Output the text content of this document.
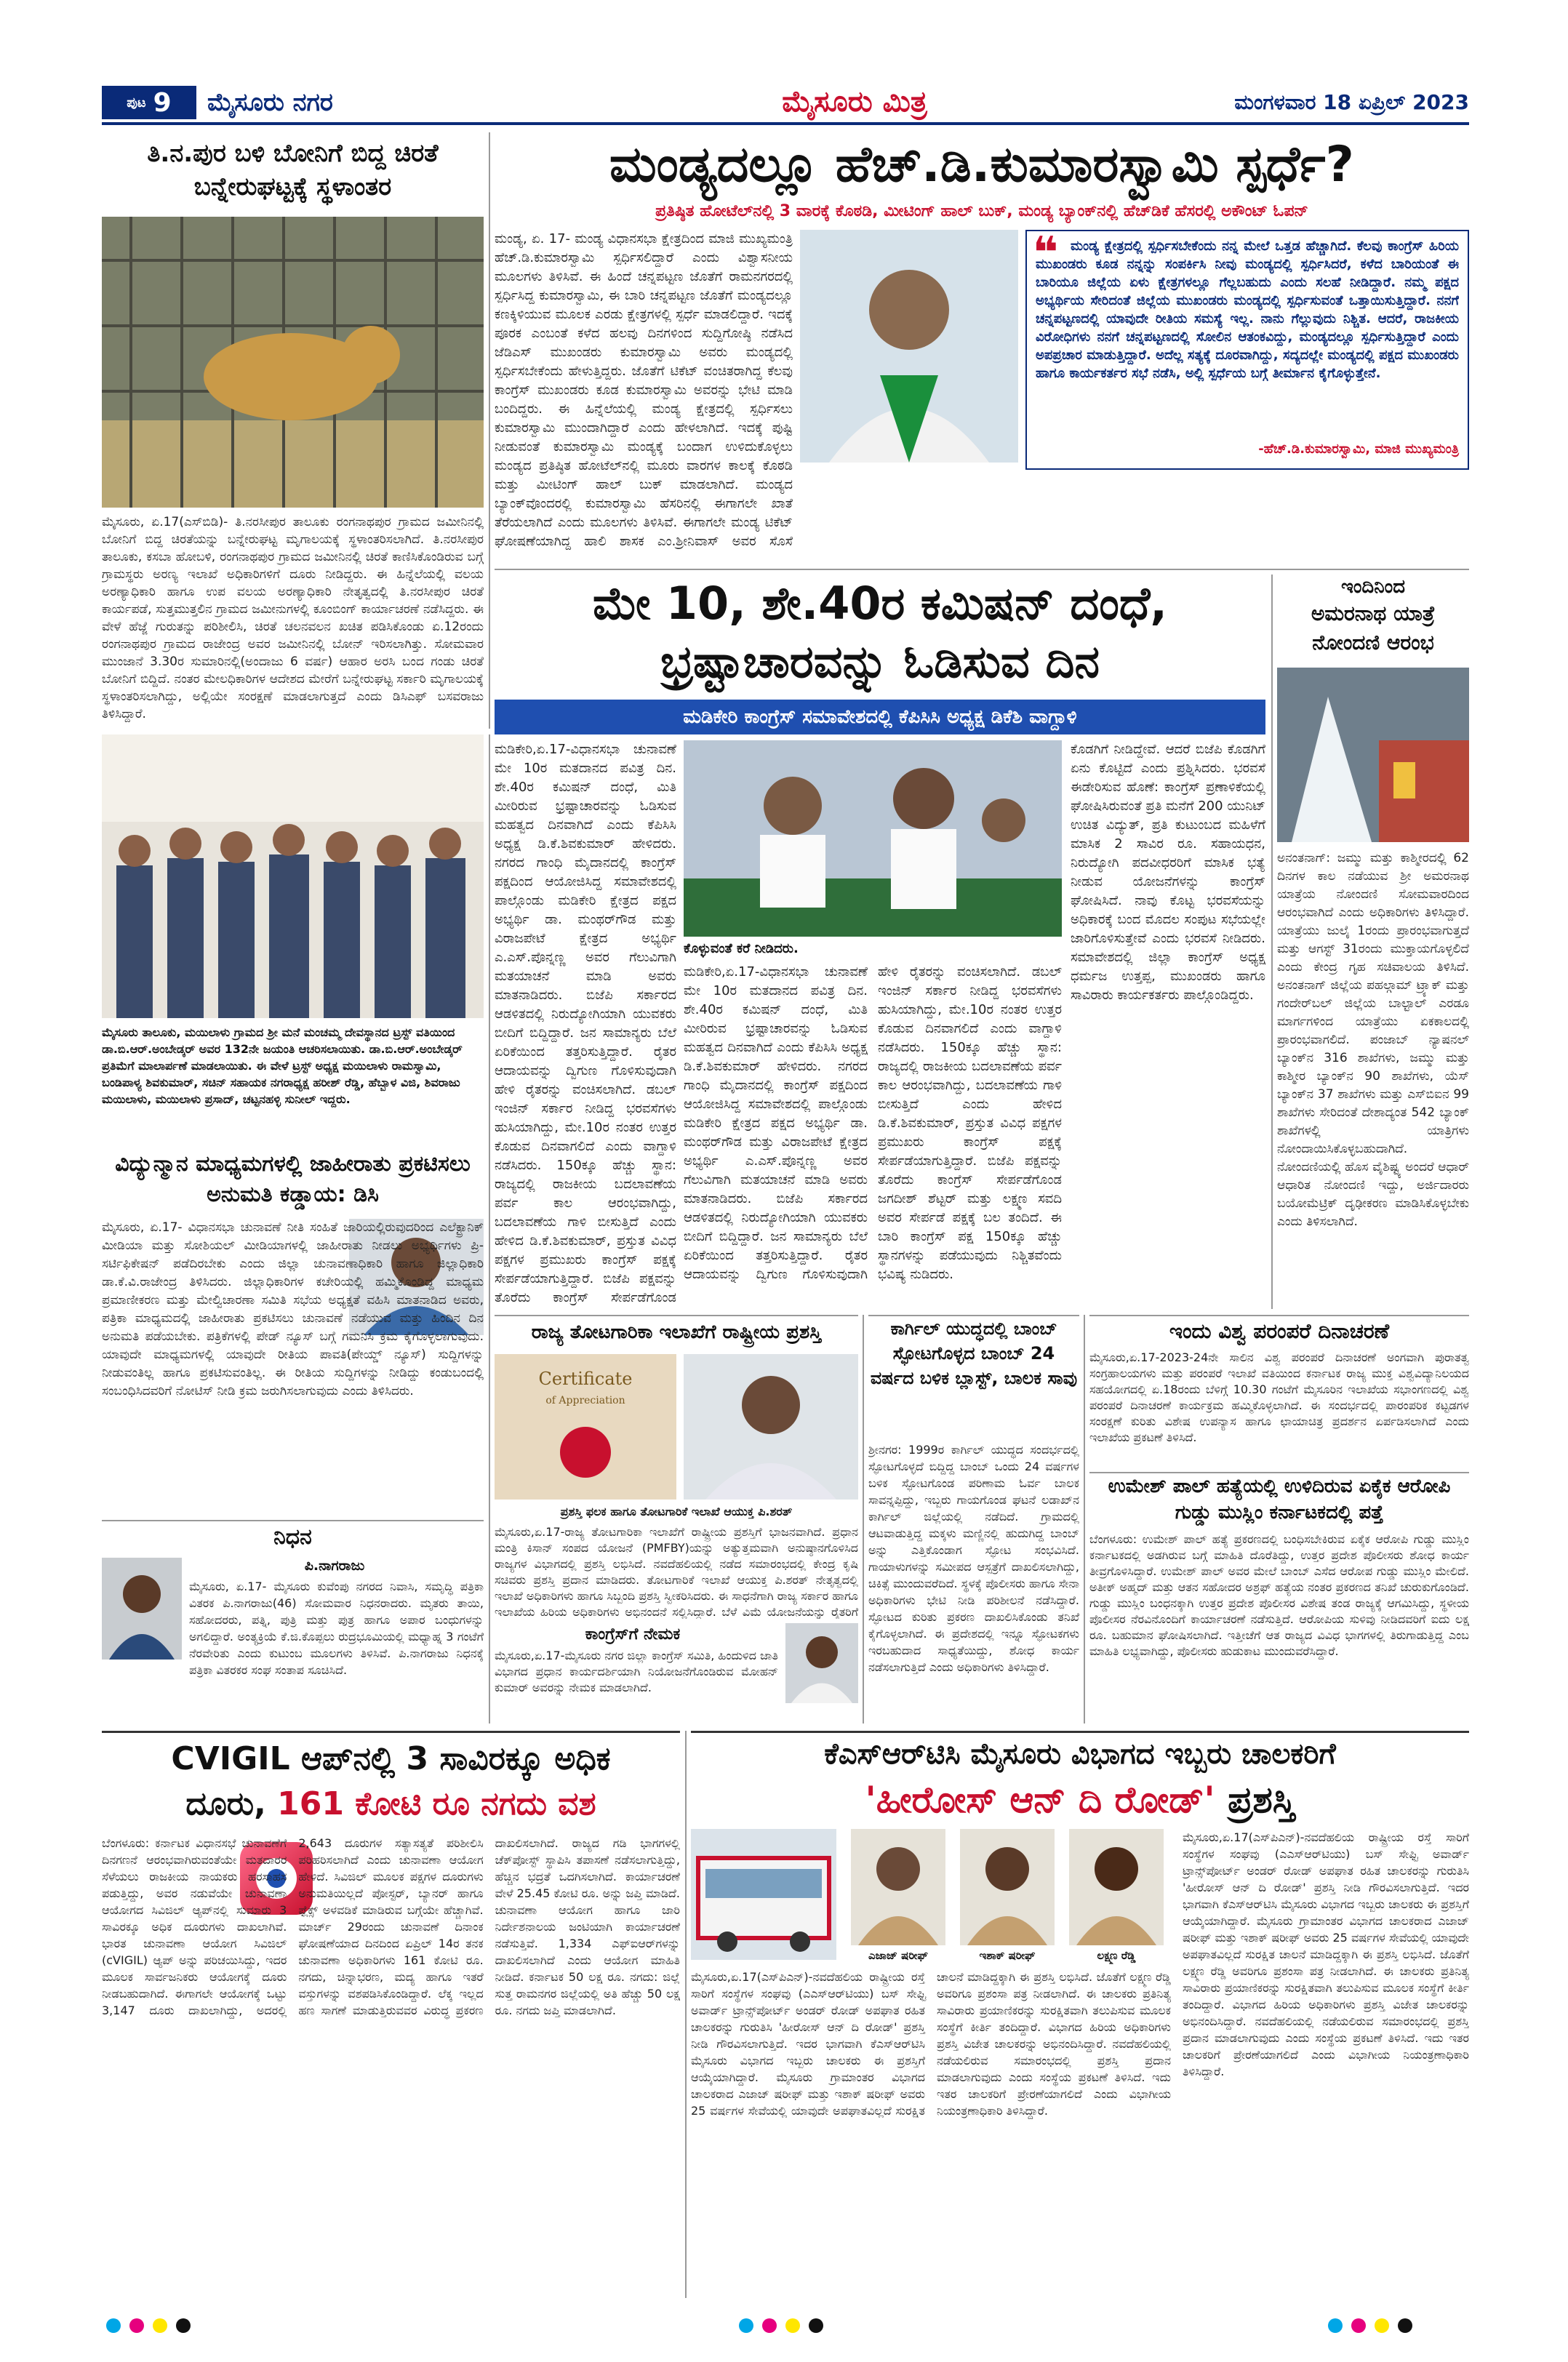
ಪುಟ 9 ಮೈಸೂರು ನಗರ	ಮೈಸೂರು ಮಿತ್ರ	ಮಂಗಳವಾರ 18 ಏಪ್ರಿಲ್ 2023
ತಿ.ನ.ಪುರ ಬಳಿ ಬೋನಿಗೆ ಬಿದ್ದ ಚಿರತೆ ಬನ್ನೇರುಘಟ್ಟಕ್ಕೆ ಸ್ಥಳಾಂತರ
ಮೈಸೂರು, ಏ.17(ಎಸ್‌ಬಿಡಿ)- ತಿ.ನರಸೀಪುರ ತಾಲೂಕು ರಂಗನಾಥಪುರ ಗ್ರಾಮದ ಜಮೀನಿನಲ್ಲಿ ಬೋನಿಗೆ ಬಿದ್ದ ಚಿರತೆಯನ್ನು ಬನ್ನೇರುಘಟ್ಟ ಮೃಗಾಲಯಕ್ಕೆ ಸ್ಥಳಾಂತರಿಸಲಾಗಿದೆ. ತಿ.ನರಸೀಪುರ ತಾಲೂಕು, ಕಸಬಾ ಹೋಬಳಿ, ರಂಗನಾಥಪುರ ಗ್ರಾಮದ ಜಮೀನಿನಲ್ಲಿ ಚಿರತೆ ಕಾಣಿಸಿಕೊಂಡಿರುವ ಬಗ್ಗೆ ಗ್ರಾಮಸ್ಥರು ಅರಣ್ಯ ಇಲಾಖೆ ಅಧಿಕಾರಿಗಳಿಗೆ ದೂರು ನೀಡಿದ್ದರು. ಈ ಹಿನ್ನೆಲೆಯಲ್ಲಿ ವಲಯ ಅರಣ್ಯಾಧಿಕಾರಿ ಹಾಗೂ ಉಪ ವಲಯ ಅರಣ್ಯಾಧಿಕಾರಿ ನೇತೃತ್ವದಲ್ಲಿ ತಿ.ನರಸೀಪುರ ಚಿರತೆ ಕಾರ್ಯಪಡೆ, ಸುತ್ತಮುತ್ತಲಿನ ಗ್ರಾಮದ ಜಮೀನುಗಳಲ್ಲಿ ಕೂಂಬಿಂಗ್ ಕಾರ್ಯಾಚರಣೆ ನಡೆಸಿದ್ದರು. ಈ ವೇಳೆ ಹೆಜ್ಜೆ ಗುರುತನ್ನು ಪರಿಶೀಲಿಸಿ, ಚಿರತೆ ಚಲನವಲನ ಖಚಿತ ಪಡಿಸಿಕೊಂಡು ಏ.12ರಂದು ರಂಗನಾಥಪುರ ಗ್ರಾಮದ ರಾಜೇಂದ್ರ ಅವರ ಜಮೀನಿನಲ್ಲಿ ಬೋನ್ ಇರಿಸಲಾಗಿತ್ತು. ಸೋಮವಾರ ಮುಂಜಾನೆ 3.30ರ ಸುಮಾರಿನಲ್ಲಿ(ಅಂದಾಜು 6 ವರ್ಷ) ಆಹಾರ ಅರಸಿ ಬಂದ ಗಂಡು ಚಿರತೆ ಬೋನಿಗೆ ಬಿದ್ದಿದೆ. ನಂತರ ಮೇಲಧಿಕಾರಿಗಳ ಆದೇಶದ ಮೇರೆಗೆ ಬನ್ನೇರುಘಟ್ಟ ಸರ್ಕಾರಿ ಮೃಗಾಲಯಕ್ಕೆ ಸ್ಥಳಾಂತರಿಸಲಾಗಿದ್ದು, ಅಲ್ಲಿಯೇ ಸಂರಕ್ಷಣೆ ಮಾಡಲಾಗುತ್ತದೆ ಎಂದು ಡಿಸಿಎಫ್ ಬಸವರಾಜು ತಿಳಿಸಿದ್ದಾರೆ.
ಮಂಡ್ಯದಲ್ಲೂ ಹೆಚ್.ಡಿ.ಕುಮಾರಸ್ವಾಮಿ ಸ್ಪರ್ಧೆ?
ಪ್ರತಿಷ್ಠಿತ ಹೋಟೆಲ್‌ನಲ್ಲಿ 3 ವಾರಕ್ಕೆ ಕೊಠಡಿ, ಮೀಟಿಂಗ್ ಹಾಲ್ ಬುಕ್, ಮಂಡ್ಯ ಬ್ಯಾಂಕ್‌ನಲ್ಲಿ ಹೆಚ್‌ಡಿಕೆ ಹೆಸರಲ್ಲಿ ಅಕೌಂಟ್ ಓಪನ್
ಮಂಡ್ಯ, ಏ. 17- ಮಂಡ್ಯ ವಿಧಾನಸಭಾ ಕ್ಷೇತ್ರದಿಂದ ಮಾಜಿ ಮುಖ್ಯಮಂತ್ರಿ ಹೆಚ್.ಡಿ.ಕುಮಾರಸ್ವಾಮಿ ಸ್ಪರ್ಧಿಸಲಿದ್ದಾರೆ ಎಂದು ವಿಶ್ವಾಸನೀಯ ಮೂಲಗಳು ತಿಳಿಸಿವೆ. ಈ ಹಿಂದೆ ಚನ್ನಪಟ್ಟಣ ಜೊತೆಗೆ ರಾಮನಗರದಲ್ಲಿ ಸ್ಪರ್ಧಿಸಿದ್ದ ಕುಮಾರಸ್ವಾಮಿ, ಈ ಬಾರಿ ಚನ್ನಪಟ್ಟಣ ಜೊತೆಗೆ ಮಂಡ್ಯದಲ್ಲೂ ಕಣಕ್ಕಿಳಿಯುವ ಮೂಲಕ ಎರಡು ಕ್ಷೇತ್ರಗಳಲ್ಲಿ ಸ್ಪರ್ಧೆ ಮಾಡಲಿದ್ದಾರೆ. ಇದಕ್ಕೆ ಪೂರಕ ಎಂಬಂತೆ ಕಳೆದ ಹಲವು ದಿನಗಳಿಂದ ಸುದ್ದಿಗೋಷ್ಠಿ ನಡೆಸಿದ ಜೆಡಿಎಸ್ ಮುಖಂಡರು ಕುಮಾರಸ್ವಾಮಿ ಅವರು ಮಂಡ್ಯದಲ್ಲಿ ಸ್ಪರ್ಧಿಸಬೇಕೆಂದು ಹೇಳುತ್ತಿದ್ದರು. ಜೊತೆಗೆ ಟಿಕೆಟ್ ವಂಚಿತರಾಗಿದ್ದ ಕೆಲವು ಕಾಂಗ್ರೆಸ್ ಮುಖಂಡರು ಕೂಡ ಕುಮಾರಸ್ವಾಮಿ ಅವರನ್ನು ಭೇಟಿ ಮಾಡಿ ಬಂದಿದ್ದರು. ಈ ಹಿನ್ನೆಲೆಯಲ್ಲಿ ಮಂಡ್ಯ ಕ್ಷೇತ್ರದಲ್ಲಿ ಸ್ಪರ್ಧಿಸಲು ಕುಮಾರಸ್ವಾಮಿ ಮುಂದಾಗಿದ್ದಾರೆ ಎಂದು ಹೇಳಲಾಗಿದೆ. ಇದಕ್ಕೆ ಪುಷ್ಟಿ ನೀಡುವಂತೆ ಕುಮಾರಸ್ವಾಮಿ ಮಂಡ್ಯಕ್ಕೆ ಬಂದಾಗ ಉಳಿದುಕೊಳ್ಳಲು ಮಂಡ್ಯದ ಪ್ರತಿಷ್ಠಿತ ಹೋಟೆಲ್‌ನಲ್ಲಿ ಮೂರು ವಾರಗಳ ಕಾಲಕ್ಕೆ ಕೊಠಡಿ ಮತ್ತು ಮೀಟಿಂಗ್ ಹಾಲ್ ಬುಕ್ ಮಾಡಲಾಗಿದೆ. ಮಂಡ್ಯದ ಬ್ಯಾಂಕ್‌ವೊಂದರಲ್ಲಿ ಕುಮಾರಸ್ವಾಮಿ ಹೆಸರಿನಲ್ಲಿ ಈಗಾಗಲೇ ಖಾತೆ ತೆರೆಯಲಾಗಿದೆ ಎಂದು ಮೂಲಗಳು ತಿಳಿಸಿವೆ. ಈಗಾಗಲೇ ಮಂಡ್ಯ ಟಿಕೆಟ್ ಘೋಷಣೆಯಾಗಿದ್ದ ಹಾಲಿ ಶಾಸಕ ಎಂ.ಶ್ರೀನಿವಾಸ್ ಅವರ ಸೊಸೆ
❝ ಮಂಡ್ಯ ಕ್ಷೇತ್ರದಲ್ಲಿ ಸ್ಪರ್ಧಿಸಬೇಕೆಂದು ನನ್ನ ಮೇಲೆ ಒತ್ತಡ ಹೆಚ್ಚಾಗಿದೆ. ಕೆಲವು ಕಾಂಗ್ರೆಸ್ ಹಿರಿಯ ಮುಖಂಡರು ಕೂಡ ನನ್ನನ್ನು ಸಂಪರ್ಕಿಸಿ ನೀವು ಮಂಡ್ಯದಲ್ಲಿ ಸ್ಪರ್ಧಿಸಿದರೆ, ಕಳೆದ ಬಾರಿಯಂತೆ ಈ ಬಾರಿಯೂ ಜಿಲ್ಲೆಯ ಏಳು ಕ್ಷೇತ್ರಗಳಲ್ಲೂ ಗೆಲ್ಲಬಹುದು ಎಂದು ಸಲಹೆ ನೀಡಿದ್ದಾರೆ. ನಮ್ಮ ಪಕ್ಷದ ಅಭ್ಯರ್ಥಿಯ ಸೇರಿದಂತೆ ಜಿಲ್ಲೆಯ ಮುಖಂಡರು ಮಂಡ್ಯದಲ್ಲಿ ಸ್ಪರ್ಧಿಸುವಂತೆ ಒತ್ತಾಯಿಸುತ್ತಿದ್ದಾರೆ. ನನಗೆ ಚನ್ನಪಟ್ಟಣದಲ್ಲಿ ಯಾವುದೇ ರೀತಿಯ ಸಮಸ್ಯೆ ಇಲ್ಲ. ನಾನು ಗೆಲ್ಲುವುದು ನಿಶ್ಚಿತ. ಆದರೆ, ರಾಜಕೀಯ ವಿರೋಧಿಗಳು ನನಗೆ ಚನ್ನಪಟ್ಟಣದಲ್ಲಿ ಸೋಲಿನ ಆತಂಕವಿದ್ದು, ಮಂಡ್ಯದಲ್ಲೂ ಸ್ಪರ್ಧಿಸುತ್ತಿದ್ದಾರೆ ಎಂದು ಅಪಪ್ರಚಾರ ಮಾಡುತ್ತಿದ್ದಾರೆ. ಅದೆಲ್ಲ ಸತ್ಯಕ್ಕೆ ದೂರವಾಗಿದ್ದು, ಸದ್ಯದಲ್ಲೇ ಮಂಡ್ಯದಲ್ಲಿ ಪಕ್ಷದ ಮುಖಂಡರು ಹಾಗೂ ಕಾರ್ಯಕರ್ತರ ಸಭೆ ನಡೆಸಿ, ಅಲ್ಲಿ ಸ್ಪರ್ಧೆಯ ಬಗ್ಗೆ ತೀರ್ಮಾನ ಕೈಗೊಳ್ಳುತ್ತೇನೆ.
-ಹೆಚ್.ಡಿ.ಕುಮಾರಸ್ವಾಮಿ, ಮಾಜಿ ಮುಖ್ಯಮಂತ್ರಿ
ಮೇ 10, ಶೇ.40ರ ಕಮಿಷನ್ ದಂಧೆ,
ಭ್ರಷ್ಟಾಚಾರವನ್ನು ಓಡಿಸುವ ದಿನ
ಮಡಿಕೇರಿ ಕಾಂಗ್ರೆಸ್ ಸಮಾವೇಶದಲ್ಲಿ ಕೆಪಿಸಿಸಿ ಅಧ್ಯಕ್ಷ ಡಿಕೆಶಿ ವಾಗ್ದಾಳಿ
ಮಡಿಕೇರಿ,ಏ.17-ವಿಧಾನಸಭಾ ಚುನಾವಣೆ ಮೇ 10ರ ಮತದಾನದ ಪವಿತ್ರ ದಿನ. ಶೇ.40ರ ಕಮಿಷನ್ ದಂಧೆ, ಮಿತಿ ಮೀರಿರುವ ಭ್ರಷ್ಟಾಚಾರವನ್ನು ಓಡಿಸುವ ಮಹತ್ವದ ದಿನವಾಗಿದೆ ಎಂದು ಕೆಪಿಸಿಸಿ ಅಧ್ಯಕ್ಷ ಡಿ.ಕೆ.ಶಿವಕುಮಾರ್ ಹೇಳಿದರು. ನಗರದ ಗಾಂಧಿ ಮೈದಾನದಲ್ಲಿ ಕಾಂಗ್ರೆಸ್ ಪಕ್ಷದಿಂದ ಆಯೋಜಿಸಿದ್ದ ಸಮಾವೇಶದಲ್ಲಿ ಪಾಲ್ಗೊಂಡು ಮಡಿಕೇರಿ ಕ್ಷೇತ್ರದ ಪಕ್ಷದ ಅಭ್ಯರ್ಥಿ ಡಾ. ಮಂಥರ್‌ಗೌಡ ಮತ್ತು ವಿರಾಜಪೇಟೆ ಕ್ಷೇತ್ರದ ಅಭ್ಯರ್ಥಿ ಎ.ಎಸ್.ಪೊನ್ನಣ್ಣ ಅವರ ಗೆಲುವಿಗಾಗಿ ಮತಯಾಚನೆ ಮಾಡಿ ಅವರು ಮಾತನಾಡಿದರು. ಬಿಜೆಪಿ ಸರ್ಕಾರದ ಆಡಳಿತದಲ್ಲಿ ನಿರುದ್ಯೋಗಿಯಾಗಿ ಯುವಕರು ಬೀದಿಗೆ ಬಿದ್ದಿದ್ದಾರೆ. ಜನ ಸಾಮಾನ್ಯರು ಬೆಲೆ ಏರಿಕೆಯಿಂದ ತತ್ತರಿಸುತ್ತಿದ್ದಾರೆ. ರೈತರ ಆದಾಯವನ್ನು ದ್ವಿಗುಣ ಗೊಳಿಸುವುದಾಗಿ ಹೇಳಿ ರೈತರನ್ನು ವಂಚಿಸಲಾಗಿದೆ. ಡಬಲ್ ಇಂಜಿನ್ ಸರ್ಕಾರ ನೀಡಿದ್ದ ಭರವಸೆಗಳು ಹುಸಿಯಾಗಿದ್ದು, ಮೇ.10ರ ನಂತರ ಉತ್ತರ ಕೊಡುವ ದಿನವಾಗಲಿದೆ ಎಂದು ವಾಗ್ದಾಳಿ ನಡೆಸಿದರು. 150ಕ್ಕೂ ಹೆಚ್ಚು ಸ್ಥಾನ: ರಾಜ್ಯದಲ್ಲಿ ರಾಜಕೀಯ ಬದಲಾವಣೆಯ ಪರ್ವ ಕಾಲ ಆರಂಭವಾಗಿದ್ದು, ಬದಲಾವಣೆಯ ಗಾಳಿ ಬೀಸುತ್ತಿದೆ ಎಂದು ಹೇಳಿದ ಡಿ.ಕೆ.ಶಿವಕುಮಾರ್, ಪ್ರಸ್ತುತ ವಿವಿಧ ಪಕ್ಷಗಳ ಪ್ರಮುಖರು ಕಾಂಗ್ರೆಸ್ ಪಕ್ಷಕ್ಕೆ ಸೇರ್ಪಡೆಯಾಗುತ್ತಿದ್ದಾರೆ. ಬಿಜೆಪಿ ಪಕ್ಷವನ್ನು ತೊರೆದು ಕಾಂಗ್ರೆಸ್ ಸೇರ್ಪಡೆಗೊಂಡ
ಕೊಳ್ಳುವಂತೆ ಕರೆ ನೀಡಿದರು.
ಮಡಿಕೇರಿ,ಏ.17-ವಿಧಾನಸಭಾ ಚುನಾವಣೆ ಮೇ 10ರ ಮತದಾನದ ಪವಿತ್ರ ದಿನ. ಶೇ.40ರ ಕಮಿಷನ್ ದಂಧೆ, ಮಿತಿ ಮೀರಿರುವ ಭ್ರಷ್ಟಾಚಾರವನ್ನು ಓಡಿಸುವ ಮಹತ್ವದ ದಿನವಾಗಿದೆ ಎಂದು ಕೆಪಿಸಿಸಿ ಅಧ್ಯಕ್ಷ ಡಿ.ಕೆ.ಶಿವಕುಮಾರ್ ಹೇಳಿದರು. ನಗರದ ಗಾಂಧಿ ಮೈದಾನದಲ್ಲಿ ಕಾಂಗ್ರೆಸ್ ಪಕ್ಷದಿಂದ ಆಯೋಜಿಸಿದ್ದ ಸಮಾವೇಶದಲ್ಲಿ ಪಾಲ್ಗೊಂಡು ಮಡಿಕೇರಿ ಕ್ಷೇತ್ರದ ಪಕ್ಷದ ಅಭ್ಯರ್ಥಿ ಡಾ. ಮಂಥರ್‌ಗೌಡ ಮತ್ತು ವಿರಾಜಪೇಟೆ ಕ್ಷೇತ್ರದ ಅಭ್ಯರ್ಥಿ ಎ.ಎಸ್.ಪೊನ್ನಣ್ಣ ಅವರ ಗೆಲುವಿಗಾಗಿ ಮತಯಾಚನೆ ಮಾಡಿ ಅವರು ಮಾತನಾಡಿದರು. ಬಿಜೆಪಿ ಸರ್ಕಾರದ ಆಡಳಿತದಲ್ಲಿ ನಿರುದ್ಯೋಗಿಯಾಗಿ ಯುವಕರು ಬೀದಿಗೆ ಬಿದ್ದಿದ್ದಾರೆ. ಜನ ಸಾಮಾನ್ಯರು ಬೆಲೆ ಏರಿಕೆಯಿಂದ ತತ್ತರಿಸುತ್ತಿದ್ದಾರೆ. ರೈತರ ಆದಾಯವನ್ನು ದ್ವಿಗುಣ ಗೊಳಿಸುವುದಾಗಿ ಹೇಳಿ ರೈತರನ್ನು ವಂಚಿಸಲಾಗಿದೆ. ಡಬಲ್ ಇಂಜಿನ್ ಸರ್ಕಾರ ನೀಡಿದ್ದ ಭರವಸೆಗಳು ಹುಸಿಯಾಗಿದ್ದು, ಮೇ.10ರ ನಂತರ ಉತ್ತರ ಕೊಡುವ ದಿನವಾಗಲಿದೆ ಎಂದು ವಾಗ್ದಾಳಿ ನಡೆಸಿದರು. 150ಕ್ಕೂ ಹೆಚ್ಚು ಸ್ಥಾನ: ರಾಜ್ಯದಲ್ಲಿ ರಾಜಕೀಯ ಬದಲಾವಣೆಯ ಪರ್ವ ಕಾಲ ಆರಂಭವಾಗಿದ್ದು, ಬದಲಾವಣೆಯ ಗಾಳಿ ಬೀಸುತ್ತಿದೆ ಎಂದು ಹೇಳಿದ ಡಿ.ಕೆ.ಶಿವಕುಮಾರ್, ಪ್ರಸ್ತುತ ವಿವಿಧ ಪಕ್ಷಗಳ ಪ್ರಮುಖರು ಕಾಂಗ್ರೆಸ್ ಪಕ್ಷಕ್ಕೆ ಸೇರ್ಪಡೆಯಾಗುತ್ತಿದ್ದಾರೆ. ಬಿಜೆಪಿ ಪಕ್ಷವನ್ನು ತೊರೆದು ಕಾಂಗ್ರೆಸ್ ಸೇರ್ಪಡೆಗೊಂಡ ಜಗದೀಶ್ ಶೆಟ್ಟರ್ ಮತ್ತು ಲಕ್ಷ್ಮಣ ಸವದಿ ಅವರ ಸೇರ್ಪಡೆ ಪಕ್ಷಕ್ಕೆ ಬಲ ತಂದಿದೆ. ಈ ಬಾರಿ ಕಾಂಗ್ರೆಸ್ ಪಕ್ಷ 150ಕ್ಕೂ ಹೆಚ್ಚು ಸ್ಥಾನಗಳನ್ನು ಪಡೆಯುವುದು ನಿಶ್ಚಿತವೆಂದು ಭವಿಷ್ಯ ನುಡಿದರು.
ಕೊಡಗಿಗೆ ನೀಡಿದ್ದೇವೆ. ಆದರೆ ಬಿಜೆಪಿ ಕೊಡಗಿಗೆ ಏನು ಕೊಟ್ಟಿದೆ ಎಂದು ಪ್ರಶ್ನಿಸಿದರು. ಭರವಸೆ ಈಡೇರಿಸುವ ಹೊಣೆ: ಕಾಂಗ್ರೆಸ್ ಪ್ರಣಾಳಿಕೆಯಲ್ಲಿ ಘೋಷಿಸಿರುವಂತೆ ಪ್ರತಿ ಮನೆಗೆ 200 ಯುನಿಟ್ ಉಚಿತ ವಿದ್ಯುತ್, ಪ್ರತಿ ಕುಟುಂಬದ ಮಹಿಳೆಗೆ ಮಾಸಿಕ 2 ಸಾವಿರ ರೂ. ಸಹಾಯಧನ, ನಿರುದ್ಯೋಗಿ ಪದವೀಧರರಿಗೆ ಮಾಸಿಕ ಭತ್ಯೆ ನೀಡುವ ಯೋಜನೆಗಳನ್ನು ಕಾಂಗ್ರೆಸ್ ಘೋಷಿಸಿದೆ. ನಾವು ಕೊಟ್ಟ ಭರವಸೆಯನ್ನು ಅಧಿಕಾರಕ್ಕೆ ಬಂದ ಮೊದಲ ಸಂಪುಟ ಸಭೆಯಲ್ಲೇ ಜಾರಿಗೊಳಿಸುತ್ತೇವೆ ಎಂದು ಭರವಸೆ ನೀಡಿದರು. ಸಮಾವೇಶದಲ್ಲಿ ಜಿಲ್ಲಾ ಕಾಂಗ್ರೆಸ್ ಅಧ್ಯಕ್ಷ ಧರ್ಮಜ ಉತ್ತಪ್ಪ, ಮುಖಂಡರು ಹಾಗೂ ಸಾವಿರಾರು ಕಾರ್ಯಕರ್ತರು ಪಾಲ್ಗೊಂಡಿದ್ದರು.
ಇಂದಿನಿಂದ
ಅಮರನಾಥ ಯಾತ್ರೆ ನೋಂದಣಿ ಆರಂಭ
ಅನಂತನಾಗ್: ಜಮ್ಮು ಮತ್ತು ಕಾಶ್ಮೀರದಲ್ಲಿ 62 ದಿನಗಳ ಕಾಲ ನಡೆಯುವ ಶ್ರೀ ಅಮರನಾಥ ಯಾತ್ರೆಯ ನೋಂದಣಿ ಸೋಮವಾರದಿಂದ ಆರಂಭವಾಗಿದೆ ಎಂದು ಅಧಿಕಾರಿಗಳು ತಿಳಿಸಿದ್ದಾರೆ. ಯಾತ್ರೆಯು ಜುಲೈ 1ರಂದು ಪ್ರಾರಂಭವಾಗುತ್ತದೆ ಮತ್ತು ಆಗಸ್ಟ್ 31ರಂದು ಮುಕ್ತಾಯಗೊಳ್ಳಲಿದೆ ಎಂದು ಕೇಂದ್ರ ಗೃಹ ಸಚಿವಾಲಯ ತಿಳಿಸಿದೆ. ಅನಂತನಾಗ್ ಜಿಲ್ಲೆಯ ಪಹಲ್ಗಾಮ್ ಟ್ರ್ಯಾಕ್ ಮತ್ತು ಗಂದೇರ್‌ಬಲ್ ಜಿಲ್ಲೆಯ ಬಾಲ್ಟಾಲ್ ಎರಡೂ ಮಾರ್ಗಗಳಿಂದ ಯಾತ್ರೆಯು ಏಕಕಾಲದಲ್ಲಿ ಪ್ರಾರಂಭವಾಗಲಿದೆ. ಪಂಜಾಬ್ ನ್ಯಾಷನಲ್ ಬ್ಯಾಂಕ್‌ನ 316 ಶಾಖೆಗಳು, ಜಮ್ಮು ಮತ್ತು ಕಾಶ್ಮೀರ ಬ್ಯಾಂಕ್‌ನ 90 ಶಾಖೆಗಳು, ಯೆಸ್ ಬ್ಯಾಂಕ್‌ನ 37 ಶಾಖೆಗಳು ಮತ್ತು ಎಸ್‌ಬಿಐನ 99 ಶಾಖೆಗಳು ಸೇರಿದಂತೆ ದೇಶಾದ್ಯಂತ 542 ಬ್ಯಾಂಕ್ ಶಾಖೆಗಳಲ್ಲಿ ಯಾತ್ರಿಗಳು ನೋಂದಾಯಿಸಿಕೊಳ್ಳಬಹುದಾಗಿದೆ. ನೋಂದಣಿಯಲ್ಲಿ ಹೊಸ ವೈಶಿಷ್ಟ್ಯ ಅಂದರೆ ಆಧಾರ್ ಆಧಾರಿತ ನೋಂದಣಿ ಇದ್ದು, ಅರ್ಜಿದಾರರು ಬಯೋಮೆಟ್ರಿಕ್ ದೃಢೀಕರಣ ಮಾಡಿಸಿಕೊಳ್ಳಬೇಕು ಎಂದು ತಿಳಿಸಲಾಗಿದೆ.
ಮೈಸೂರು ತಾಲೂಕು, ಮಯಿಲಾಳು ಗ್ರಾಮದ ಶ್ರೀ ಮನೆ ಮಂಚಮ್ಮ ದೇವಸ್ಥಾನದ ಟ್ರಸ್ಟ್ ವತಿಯಿಂದ ಡಾ.ಬಿ.ಆರ್.ಅಂಬೇಡ್ಕರ್ ಅವರ 132ನೇ ಜಯಂತಿ ಆಚರಿಸಲಾಯಿತು. ಡಾ.ಬಿ.ಆರ್.ಅಂಬೇಡ್ಕರ್ ಪ್ರತಿಮೆಗೆ ಮಾಲಾರ್ಪಣೆ ಮಾಡಲಾಯಿತು. ಈ ವೇಳೆ ಟ್ರಸ್ಟ್ ಅಧ್ಯಕ್ಷ ಮಯಿಲಾಳು ರಾಮಸ್ವಾಮಿ, ಬಂಡಿಪಾಳ್ಯ ಶಿವಕುಮಾರ್, ಸಚಿನ್ ಸಹಾಯಕ ನಗರಾಧ್ಯಕ್ಷ ಹರೀಶ್ ರೆಡ್ಡಿ, ಹೆಬ್ಬಾಳ ವಿಜಿ, ಶಿವರಾಜು ಮಯಿಲಾಳು, ಮಯಿಲಾಳು ಪ್ರಸಾದ್, ಚಟ್ಟನಹಳ್ಳಿ ಸುನೀಲ್ ಇದ್ದರು.
ವಿದ್ಯುನ್ಮಾನ ಮಾಧ್ಯಮಗಳಲ್ಲಿ ಜಾಹೀರಾತು ಪ್ರಕಟಿಸಲು ಅನುಮತಿ ಕಡ್ಡಾಯ: ಡಿಸಿ
ಮೈಸೂರು, ಏ.17- ವಿಧಾನಸಭಾ ಚುನಾವಣೆ ನೀತಿ ಸಂಹಿತೆ ಜಾರಿಯಲ್ಲಿರುವುದರಿಂದ ಎಲೆಕ್ಟ್ರಾನಿಕ್ ಮೀಡಿಯಾ ಮತ್ತು ಸೋಶಿಯಲ್ ಮೀಡಿಯಾಗಳಲ್ಲಿ ಜಾಹೀರಾತು ನೀಡಲು ಅಭ್ಯರ್ಥಿಗಳು ಪ್ರಿ-ಸರ್ಟಿಫಿಕೇಷನ್ ಪಡೆದಿರಬೇಕು ಎಂದು ಜಿಲ್ಲಾ ಚುನಾವಣಾಧಿಕಾರಿ ಹಾಗೂ ಜಿಲ್ಲಾಧಿಕಾರಿ ಡಾ.ಕೆ.ವಿ.ರಾಜೇಂದ್ರ ತಿಳಿಸಿದರು. ಜಿಲ್ಲಾಧಿಕಾರಿಗಳ ಕಚೇರಿಯಲ್ಲಿ ಹಮ್ಮಿಕೊಂಡಿದ್ದ ಮಾಧ್ಯಮ ಪ್ರಮಾಣೀಕರಣ ಮತ್ತು ಮೇಲ್ವಿಚಾರಣಾ ಸಮಿತಿ ಸಭೆಯ ಅಧ್ಯಕ್ಷತೆ ವಹಿಸಿ ಮಾತನಾಡಿದ ಅವರು, ಪತ್ರಿಕಾ ಮಾಧ್ಯಮದಲ್ಲಿ ಜಾಹೀರಾತು ಪ್ರಕಟಿಸಲು ಚುನಾವಣೆ ನಡೆಯುವ ಮತ್ತು ಹಿಂದಿನ ದಿನ ಅನುಮತಿ ಪಡೆಯಬೇಕು. ಪತ್ರಿಕೆಗಳಲ್ಲಿ ಪೇಡ್ ನ್ಯೂಸ್ ಬಗ್ಗೆ ಗಮನಿಸಿ ಕ್ರಮ ಕೈಗೊಳ್ಳಲಾಗುವುದು. ಯಾವುದೇ ಮಾಧ್ಯಮಗಳಲ್ಲಿ ಯಾವುದೇ ರೀತಿಯ ಪಾವತಿ(ಪೇಯ್ಡ್ ನ್ಯೂಸ್) ಸುದ್ದಿಗಳನ್ನು ನೀಡುವಂತಿಲ್ಲ ಹಾಗೂ ಪ್ರಕಟಿಸುವಂತಿಲ್ಲ. ಈ ರೀತಿಯ ಸುದ್ದಿಗಳನ್ನು ನೀಡಿದ್ದು ಕಂಡುಬಂದಲ್ಲಿ ಸಂಬಂಧಿಸಿದವರಿಗೆ ನೋಟಿಸ್ ನೀಡಿ ಕ್ರಮ ಜರುಗಿಸಲಾಗುವುದು ಎಂದು ತಿಳಿಸಿದರು.
ನಿಧನ
ಪಿ.ನಾಗರಾಜು
ಮೈಸೂರು, ಏ.17- ಮೈಸೂರು ಕುವೆಂಪು ನಗರದ ನಿವಾಸಿ, ಸಮೃದ್ಧಿ ಪತ್ರಿಕಾ ವಿತರಕ ಪಿ.ನಾಗರಾಜು(46) ಸೋಮವಾರ ನಿಧನರಾದರು. ಮೃತರು ತಾಯಿ, ಸಹೋದರರು, ಪತ್ನಿ, ಪುತ್ರಿ ಮತ್ತು ಪುತ್ರ ಹಾಗೂ ಅಪಾರ ಬಂಧುಗಳನ್ನು ಅಗಲಿದ್ದಾರೆ. ಅಂತ್ಯಕ್ರಿಯೆ ಕೆ.ಜಿ.ಕೊಪ್ಪಲು ರುದ್ರಭೂಮಿಯಲ್ಲಿ ಮಧ್ಯಾಹ್ನ 3 ಗಂಟೆಗೆ ನೆರವೇರಿತು ಎಂದು ಕುಟುಂಬ ಮೂಲಗಳು ತಿಳಿಸಿವೆ. ಪಿ.ನಾಗರಾಜು ನಿಧನಕ್ಕೆ ಪತ್ರಿಕಾ ವಿತರಕರ ಸಂಘ ಸಂತಾಪ ಸೂಚಿಸಿದೆ.
ರಾಜ್ಯ ತೋಟಗಾರಿಕಾ ಇಲಾಖೆಗೆ ರಾಷ್ಟ್ರೀಯ ಪ್ರಶಸ್ತಿ
Certificate
of Appreciation
ಪ್ರಶಸ್ತಿ ಫಲಕ ಹಾಗೂ ತೋಟಗಾರಿಕೆ ಇಲಾಖೆ ಆಯುಕ್ತ ಪಿ.ಶರತ್
ಮೈಸೂರು,ಏ.17-ರಾಜ್ಯ ತೋಟಗಾರಿಕಾ ಇಲಾಖೆಗೆ ರಾಷ್ಟ್ರೀಯ ಪ್ರಶಸ್ತಿಗೆ ಭಾಜನವಾಗಿದೆ. ಪ್ರಧಾನ ಮಂತ್ರಿ ಕಿಸಾನ್ ಸಂಪದ ಯೋಜನೆ (PMFBY)ಯನ್ನು ಅತ್ಯುತ್ತಮವಾಗಿ ಅನುಷ್ಠಾನಗೊಳಿಸಿದ ರಾಜ್ಯಗಳ ವಿಭಾಗದಲ್ಲಿ ಪ್ರಶಸ್ತಿ ಲಭಿಸಿದೆ. ನವದೆಹಲಿಯಲ್ಲಿ ನಡೆದ ಸಮಾರಂಭದಲ್ಲಿ ಕೇಂದ್ರ ಕೃಷಿ ಸಚಿವರು ಪ್ರಶಸ್ತಿ ಪ್ರದಾನ ಮಾಡಿದರು. ತೋಟಗಾರಿಕೆ ಇಲಾಖೆ ಆಯುಕ್ತ ಪಿ.ಶರತ್ ನೇತೃತ್ವದಲ್ಲಿ ಇಲಾಖೆ ಅಧಿಕಾರಿಗಳು ಹಾಗೂ ಸಿಬ್ಬಂದಿ ಪ್ರಶಸ್ತಿ ಸ್ವೀಕರಿಸಿದರು. ಈ ಸಾಧನೆಗಾಗಿ ರಾಜ್ಯ ಸರ್ಕಾರ ಹಾಗೂ ಇಲಾಖೆಯ ಹಿರಿಯ ಅಧಿಕಾರಿಗಳು ಅಭಿನಂದನೆ ಸಲ್ಲಿಸಿದ್ದಾರೆ. ಬೆಳೆ ವಿಮೆ ಯೋಜನೆಯನ್ನು ರೈತರಿಗೆ
ಕಾಂಗ್ರೆಸ್‌ಗೆ ನೇಮಕ
ಮೈಸೂರು,ಏ.17-ಮೈಸೂರು ನಗರ ಜಿಲ್ಲಾ ಕಾಂಗ್ರೆಸ್ ಸಮಿತಿ, ಹಿಂದುಳಿದ ಜಾತಿ ವಿಭಾಗದ ಪ್ರಧಾನ ಕಾರ್ಯದರ್ಶಿಯಾಗಿ ನಿಯೋಜನೆಗೊಂಡಿರುವ ಮೋಹನ್ ಕುಮಾರ್ ಅವರನ್ನು ನೇಮಕ ಮಾಡಲಾಗಿದೆ.
ಕಾರ್ಗಿಲ್ ಯುದ್ಧದಲ್ಲಿ ಬಾಂಬ್ ಸ್ಫೋಟಗೊಳ್ಳದ ಬಾಂಬ್ 24 ವರ್ಷದ ಬಳಿಕ ಬ್ಲಾಸ್ಟ್, ಬಾಲಕ ಸಾವು
ಶ್ರೀನಗರ: 1999ರ ಕಾರ್ಗಿಲ್ ಯುದ್ಧದ ಸಂದರ್ಭದಲ್ಲಿ ಸ್ಫೋಟಗೊಳ್ಳದೆ ಬಿದ್ದಿದ್ದ ಬಾಂಬ್ ಒಂದು 24 ವರ್ಷಗಳ ಬಳಿಕ ಸ್ಫೋಟಗೊಂಡ ಪರಿಣಾಮ ಓರ್ವ ಬಾಲಕ ಸಾವನ್ನಪ್ಪಿದ್ದು, ಇಬ್ಬರು ಗಾಯಗೊಂಡ ಘಟನೆ ಲಡಾಖ್‌ನ ಕಾರ್ಗಿಲ್ ಜಿಲ್ಲೆಯಲ್ಲಿ ನಡೆದಿದೆ. ಗ್ರಾಮದಲ್ಲಿ ಆಟವಾಡುತ್ತಿದ್ದ ಮಕ್ಕಳು ಮಣ್ಣಿನಲ್ಲಿ ಹುದುಗಿದ್ದ ಬಾಂಬ್ ಅನ್ನು ಎತ್ತಿಕೊಂಡಾಗ ಸ್ಫೋಟ ಸಂಭವಿಸಿದೆ. ಗಾಯಾಳುಗಳನ್ನು ಸಮೀಪದ ಆಸ್ಪತ್ರೆಗೆ ದಾಖಲಿಸಲಾಗಿದ್ದು, ಚಿಕಿತ್ಸೆ ಮುಂದುವರೆದಿದೆ. ಸ್ಥಳಕ್ಕೆ ಪೊಲೀಸರು ಹಾಗೂ ಸೇನಾ ಅಧಿಕಾರಿಗಳು ಭೇಟಿ ನೀಡಿ ಪರಿಶೀಲನೆ ನಡೆಸಿದ್ದಾರೆ. ಸ್ಫೋಟದ ಕುರಿತು ಪ್ರಕರಣ ದಾಖಲಿಸಿಕೊಂಡು ತನಿಖೆ ಕೈಗೊಳ್ಳಲಾಗಿದೆ. ಈ ಪ್ರದೇಶದಲ್ಲಿ ಇನ್ನೂ ಸ್ಫೋಟಕಗಳು ಇರಬಹುದಾದ ಸಾಧ್ಯತೆಯಿದ್ದು, ಶೋಧ ಕಾರ್ಯ ನಡೆಸಲಾಗುತ್ತಿದೆ ಎಂದು ಅಧಿಕಾರಿಗಳು ತಿಳಿಸಿದ್ದಾರೆ.
ಇಂದು ವಿಶ್ವ ಪರಂಪರೆ ದಿನಾಚರಣೆ
ಮೈಸೂರು,ಏ.17-2023-24ನೇ ಸಾಲಿನ ವಿಶ್ವ ಪರಂಪರೆ ದಿನಾಚರಣೆ ಅಂಗವಾಗಿ ಪುರಾತತ್ವ ಸಂಗ್ರಹಾಲಯಗಳು ಮತ್ತು ಪರಂಪರೆ ಇಲಾಖೆ ವತಿಯಿಂದ ಕರ್ನಾಟಕ ರಾಜ್ಯ ಮುಕ್ತ ವಿಶ್ವವಿದ್ಯಾನಿಲಯದ ಸಹಯೋಗದಲ್ಲಿ ಏ.18ರಂದು ಬೆಳಿಗ್ಗೆ 10.30 ಗಂಟೆಗೆ ಮೈಸೂರಿನ ಇಲಾಖೆಯ ಸಭಾಂಗಣದಲ್ಲಿ ವಿಶ್ವ ಪರಂಪರೆ ದಿನಾಚರಣೆ ಕಾರ್ಯಕ್ರಮ ಹಮ್ಮಿಕೊಳ್ಳಲಾಗಿದೆ. ಈ ಸಂದರ್ಭದಲ್ಲಿ ಪಾರಂಪರಿಕ ಕಟ್ಟಡಗಳ ಸಂರಕ್ಷಣೆ ಕುರಿತು ವಿಶೇಷ ಉಪನ್ಯಾಸ ಹಾಗೂ ಛಾಯಾಚಿತ್ರ ಪ್ರದರ್ಶನ ಏರ್ಪಡಿಸಲಾಗಿದೆ ಎಂದು ಇಲಾಖೆಯ ಪ್ರಕಟಣೆ ತಿಳಿಸಿದೆ.
ಉಮೇಶ್ ಪಾಲ್ ಹತ್ಯೆಯಲ್ಲಿ ಉಳಿದಿರುವ ಏಕೈಕ ಆರೋಪಿ ಗುಡ್ಡು ಮುಸ್ಲಿಂ ಕರ್ನಾಟಕದಲ್ಲಿ ಪತ್ತೆ
ಬೆಂಗಳೂರು: ಉಮೇಶ್ ಪಾಲ್ ಹತ್ಯೆ ಪ್ರಕರಣದಲ್ಲಿ ಬಂಧಿಸಬೇಕಿರುವ ಏಕೈಕ ಆರೋಪಿ ಗುಡ್ಡು ಮುಸ್ಲಿಂ ಕರ್ನಾಟಕದಲ್ಲಿ ಅಡಗಿರುವ ಬಗ್ಗೆ ಮಾಹಿತಿ ದೊರೆತಿದ್ದು, ಉತ್ತರ ಪ್ರದೇಶ ಪೊಲೀಸರು ಶೋಧ ಕಾರ್ಯ ತೀವ್ರಗೊಳಿಸಿದ್ದಾರೆ. ಉಮೇಶ್ ಪಾಲ್ ಅವರ ಮೇಲೆ ಬಾಂಬ್ ಎಸೆದ ಆರೋಪ ಗುಡ್ಡು ಮುಸ್ಲಿಂ ಮೇಲಿದೆ. ಅತೀಕ್ ಅಹ್ಮದ್ ಮತ್ತು ಆತನ ಸಹೋದರ ಅಶ್ರಫ್ ಹತ್ಯೆಯ ನಂತರ ಪ್ರಕರಣದ ತನಿಖೆ ಚುರುಕುಗೊಂಡಿದೆ. ಗುಡ್ಡು ಮುಸ್ಲಿಂ ಬಂಧನಕ್ಕಾಗಿ ಉತ್ತರ ಪ್ರದೇಶ ಪೊಲೀಸರ ವಿಶೇಷ ತಂಡ ರಾಜ್ಯಕ್ಕೆ ಆಗಮಿಸಿದ್ದು, ಸ್ಥಳೀಯ ಪೊಲೀಸರ ನೆರವಿನೊಂದಿಗೆ ಕಾರ್ಯಾಚರಣೆ ನಡೆಸುತ್ತಿದೆ. ಆರೋಪಿಯ ಸುಳಿವು ನೀಡಿದವರಿಗೆ ಐದು ಲಕ್ಷ ರೂ. ಬಹುಮಾನ ಘೋಷಿಸಲಾಗಿದೆ. ಇತ್ತೀಚೆಗೆ ಆತ ರಾಜ್ಯದ ವಿವಿಧ ಭಾಗಗಳಲ್ಲಿ ತಿರುಗಾಡುತ್ತಿದ್ದ ಎಂಬ ಮಾಹಿತಿ ಲಭ್ಯವಾಗಿದ್ದು, ಪೊಲೀಸರು ಹುಡುಕಾಟ ಮುಂದುವರೆಸಿದ್ದಾರೆ.
CVIGIL ಆಪ್‌ನಲ್ಲಿ 3 ಸಾವಿರಕ್ಕೂ ಅಧಿಕ
ದೂರು, 161 ಕೋಟಿ ರೂ ನಗದು ವಶ
ಬೆಂಗಳೂರು: ಕರ್ನಾಟಕ ವಿಧಾನಸಭೆ ಚುನಾವಣೆಗೆ ದಿನಗಣನೆ ಆರಂಭವಾಗಿರುವಂತೆಯೇ ಮತದಾರರ ಸೆಳೆಯಲು ರಾಜಕೀಯ ನಾಯಕರು ಹರಸಾಹಸ ಪಡುತ್ತಿದ್ದು, ಅವರ ನಡುವೆಯೇ ಚುನಾವಣಾ ಆಯೋಗದ ಸಿವಿಜಿಲ್ ಆ್ಯಪ್‌ನಲ್ಲಿ ಸುಮಾರು 3 ಸಾವಿರಕ್ಕೂ ಅಧಿಕ ದೂರುಗಳು ದಾಖಲಾಗಿವೆ. ಭಾರತ ಚುನಾವಣಾ ಆಯೋಗ ಸಿವಿಜಿಲ್ (cVIGIL) ಆ್ಯಪ್ ಅನ್ನು ಪರಿಚಯಿಸಿದ್ದು, ಇದರ ಮೂಲಕ ಸಾರ್ವಜನಿಕರು ಆಯೋಗಕ್ಕೆ ದೂರು ನೀಡಬಹುದಾಗಿದೆ. ಈಗಾಗಲೇ ಆಯೋಗಕ್ಕೆ ಒಟ್ಟು 3,147 ದೂರು ದಾಖಲಾಗಿದ್ದು, ಅದರಲ್ಲಿ 2,643 ದೂರುಗಳ ಸತ್ಯಾಸತ್ಯತೆ ಪರಿಶೀಲಿಸಿ ಪರಿಹರಿಸಲಾಗಿದೆ ಎಂದು ಚುನಾವಣಾ ಆಯೋಗ ಹೇಳಿದೆ. ಸಿವಿಜಿಲ್ ಮೂಲಕ ಪಕ್ಷಗಳ ದೂರುಗಳು ಅನುಮತಿಯಿಲ್ಲದೆ ಪೋಸ್ಟರ್, ಬ್ಯಾನರ್ ಹಾಗೂ ಫ್ಲೆಕ್ಸ್ ಅಳವಡಿಕೆ ಮಾಡಿರುವ ಬಗ್ಗೆಯೇ ಹೆಚ್ಚಾಗಿವೆ. ಮಾರ್ಚ್ 29ರಂದು ಚುನಾವಣೆ ದಿನಾಂಕ ಘೋಷಣೆಯಾದ ದಿನದಿಂದ ಏಪ್ರಿಲ್ 14ರ ತನಕ ಚುನಾವಣಾ ಅಧಿಕಾರಿಗಳು 161 ಕೋಟಿ ರೂ. ನಗದು, ಚಿನ್ನಾಭರಣ, ಮದ್ಯ ಹಾಗೂ ಇತರೆ ವಸ್ತುಗಳನ್ನು ವಶಪಡಿಸಿಕೊಂಡಿದ್ದಾರೆ. ಲೆಕ್ಕ ಇಲ್ಲದ ಹಣ ಸಾಗಣೆ ಮಾಡುತ್ತಿರುವವರ ವಿರುದ್ಧ ಪ್ರಕರಣ ದಾಖಲಿಸಲಾಗಿದೆ. ರಾಜ್ಯದ ಗಡಿ ಭಾಗಗಳಲ್ಲಿ ಚೆಕ್‌ಪೋಸ್ಟ್ ಸ್ಥಾಪಿಸಿ ತಪಾಸಣೆ ನಡೆಸಲಾಗುತ್ತಿದ್ದು, ಹೆಚ್ಚಿನ ಭದ್ರತೆ ಒದಗಿಸಲಾಗಿದೆ. ಕಾರ್ಯಾಚರಣೆ ವೇಳೆ 25.45 ಕೋಟಿ ರೂ. ಅನ್ನು ಜಪ್ತಿ ಮಾಡಿದೆ. ಚುನಾವಣಾ ಆಯೋಗ ಹಾಗೂ ಜಾರಿ ನಿರ್ದೇಶನಾಲಯ ಜಂಟಿಯಾಗಿ ಕಾರ್ಯಾಚರಣೆ ನಡೆಸುತ್ತಿವೆ. 1,334 ಎಫ್‌ಐಆರ್‌ಗಳನ್ನು ದಾಖಲಿಸಲಾಗಿದೆ ಎಂದು ಆಯೋಗ ಮಾಹಿತಿ ನೀಡಿದೆ. ಕರ್ನಾಟಕ 50 ಲಕ್ಷ ರೂ. ನಗದು: ಜಿಲ್ಲೆ ಸುತ್ತ ರಾಮನಗರ ಜಿಲ್ಲೆಯಲ್ಲಿ ಅತಿ ಹೆಚ್ಚು 50 ಲಕ್ಷ ರೂ. ನಗದು ಜಪ್ತಿ ಮಾಡಲಾಗಿದೆ.
ಕೆಎಸ್‌ಆರ್‌ಟಿಸಿ ಮೈಸೂರು ವಿಭಾಗದ ಇಬ್ಬರು ಚಾಲಕರಿಗೆ
'ಹೀರೋಸ್ ಆನ್ ದಿ ರೋಡ್' ಪ್ರಶಸ್ತಿ
ಎಜಾಜ್ ಷರೀಫ್	ಇಶಾಕ್ ಷರೀಫ್	ಲಕ್ಷ್ಮಣ ರೆಡ್ಡಿ
ಮೈಸೂರು,ಏ.17(ಎಸ್‌ಪಿಎನ್)-ನವದೆಹಲಿಯ ರಾಷ್ಟ್ರೀಯ ರಸ್ತೆ ಸಾರಿಗೆ ಸಂಸ್ಥೆಗಳ ಸಂಘವು (ಎಎಸ್‌ಆರ್‌ಟಿಯು) ಬಸ್ ಸೇಫ್ಟಿ ಅವಾರ್ಡ್ ಟ್ರಾನ್ಸ್‌ಪೋರ್ಟ್ ಅಂಡರ್ ರೋಡ್ ಅಪಘಾತ ರಹಿತ ಚಾಲಕರನ್ನು ಗುರುತಿಸಿ 'ಹೀರೋಸ್ ಆನ್ ದಿ ರೋಡ್' ಪ್ರಶಸ್ತಿ ನೀಡಿ ಗೌರವಿಸಲಾಗುತ್ತಿದೆ. ಇದರ ಭಾಗವಾಗಿ ಕೆಎಸ್‌ಆರ್‌ಟಿಸಿ ಮೈಸೂರು ವಿಭಾಗದ ಇಬ್ಬರು ಚಾಲಕರು ಈ ಪ್ರಶಸ್ತಿಗೆ ಆಯ್ಕೆಯಾಗಿದ್ದಾರೆ. ಮೈಸೂರು ಗ್ರಾಮಾಂತರ ವಿಭಾಗದ ಚಾಲಕರಾದ ಎಜಾಜ್ ಷರೀಫ್ ಮತ್ತು ಇಶಾಕ್ ಷರೀಫ್ ಅವರು 25 ವರ್ಷಗಳ ಸೇವೆಯಲ್ಲಿ ಯಾವುದೇ ಅಪಘಾತವಿಲ್ಲದೆ ಸುರಕ್ಷಿತ ಚಾಲನೆ ಮಾಡಿದ್ದಕ್ಕಾಗಿ ಈ ಪ್ರಶಸ್ತಿ ಲಭಿಸಿದೆ. ಜೊತೆಗೆ ಲಕ್ಷ್ಮಣ ರೆಡ್ಡಿ ಅವರಿಗೂ ಪ್ರಶಂಸಾ ಪತ್ರ ನೀಡಲಾಗಿದೆ. ಈ ಚಾಲಕರು ಪ್ರತಿನಿತ್ಯ ಸಾವಿರಾರು ಪ್ರಯಾಣಿಕರನ್ನು ಸುರಕ್ಷಿತವಾಗಿ ತಲುಪಿಸುವ ಮೂಲಕ ಸಂಸ್ಥೆಗೆ ಕೀರ್ತಿ ತಂದಿದ್ದಾರೆ. ವಿಭಾಗದ ಹಿರಿಯ ಅಧಿಕಾರಿಗಳು ಪ್ರಶಸ್ತಿ ವಿಜೇತ ಚಾಲಕರನ್ನು ಅಭಿನಂದಿಸಿದ್ದಾರೆ. ನವದೆಹಲಿಯಲ್ಲಿ ನಡೆಯಲಿರುವ ಸಮಾರಂಭದಲ್ಲಿ ಪ್ರಶಸ್ತಿ ಪ್ರದಾನ ಮಾಡಲಾಗುವುದು ಎಂದು ಸಂಸ್ಥೆಯ ಪ್ರಕಟಣೆ ತಿಳಿಸಿದೆ. ಇದು ಇತರ ಚಾಲಕರಿಗೆ ಪ್ರೇರಣೆಯಾಗಲಿದೆ ಎಂದು ವಿಭಾಗೀಯ ನಿಯಂತ್ರಣಾಧಿಕಾರಿ ತಿಳಿಸಿದ್ದಾರೆ.
ಮೈಸೂರು,ಏ.17(ಎಸ್‌ಪಿಎನ್)-ನವದೆಹಲಿಯ ರಾಷ್ಟ್ರೀಯ ರಸ್ತೆ ಸಾರಿಗೆ ಸಂಸ್ಥೆಗಳ ಸಂಘವು (ಎಎಸ್‌ಆರ್‌ಟಿಯು) ಬಸ್ ಸೇಫ್ಟಿ ಅವಾರ್ಡ್ ಟ್ರಾನ್ಸ್‌ಪೋರ್ಟ್ ಅಂಡರ್ ರೋಡ್ ಅಪಘಾತ ರಹಿತ ಚಾಲಕರನ್ನು ಗುರುತಿಸಿ 'ಹೀರೋಸ್ ಆನ್ ದಿ ರೋಡ್' ಪ್ರಶಸ್ತಿ ನೀಡಿ ಗೌರವಿಸಲಾಗುತ್ತಿದೆ. ಇದರ ಭಾಗವಾಗಿ ಕೆಎಸ್‌ಆರ್‌ಟಿಸಿ ಮೈಸೂರು ವಿಭಾಗದ ಇಬ್ಬರು ಚಾಲಕರು ಈ ಪ್ರಶಸ್ತಿಗೆ ಆಯ್ಕೆಯಾಗಿದ್ದಾರೆ. ಮೈಸೂರು ಗ್ರಾಮಾಂತರ ವಿಭಾಗದ ಚಾಲಕರಾದ ಎಜಾಜ್ ಷರೀಫ್ ಮತ್ತು ಇಶಾಕ್ ಷರೀಫ್ ಅವರು 25 ವರ್ಷಗಳ ಸೇವೆಯಲ್ಲಿ ಯಾವುದೇ ಅಪಘಾತವಿಲ್ಲದೆ ಸುರಕ್ಷಿತ ಚಾಲನೆ ಮಾಡಿದ್ದಕ್ಕಾಗಿ ಈ ಪ್ರಶಸ್ತಿ ಲಭಿಸಿದೆ. ಜೊತೆಗೆ ಲಕ್ಷ್ಮಣ ರೆಡ್ಡಿ ಅವರಿಗೂ ಪ್ರಶಂಸಾ ಪತ್ರ ನೀಡಲಾಗಿದೆ. ಈ ಚಾಲಕರು ಪ್ರತಿನಿತ್ಯ ಸಾವಿರಾರು ಪ್ರಯಾಣಿಕರನ್ನು ಸುರಕ್ಷಿತವಾಗಿ ತಲುಪಿಸುವ ಮೂಲಕ ಸಂಸ್ಥೆಗೆ ಕೀರ್ತಿ ತಂದಿದ್ದಾರೆ. ವಿಭಾಗದ ಹಿರಿಯ ಅಧಿಕಾರಿಗಳು ಪ್ರಶಸ್ತಿ ವಿಜೇತ ಚಾಲಕರನ್ನು ಅಭಿನಂದಿಸಿದ್ದಾರೆ. ನವದೆಹಲಿಯಲ್ಲಿ ನಡೆಯಲಿರುವ ಸಮಾರಂಭದಲ್ಲಿ ಪ್ರಶಸ್ತಿ ಪ್ರದಾನ ಮಾಡಲಾಗುವುದು ಎಂದು ಸಂಸ್ಥೆಯ ಪ್ರಕಟಣೆ ತಿಳಿಸಿದೆ. ಇದು ಇತರ ಚಾಲಕರಿಗೆ ಪ್ರೇರಣೆಯಾಗಲಿದೆ ಎಂದು ವಿಭಾಗೀಯ ನಿಯಂತ್ರಣಾಧಿಕಾರಿ ತಿಳಿಸಿದ್ದಾರೆ.
